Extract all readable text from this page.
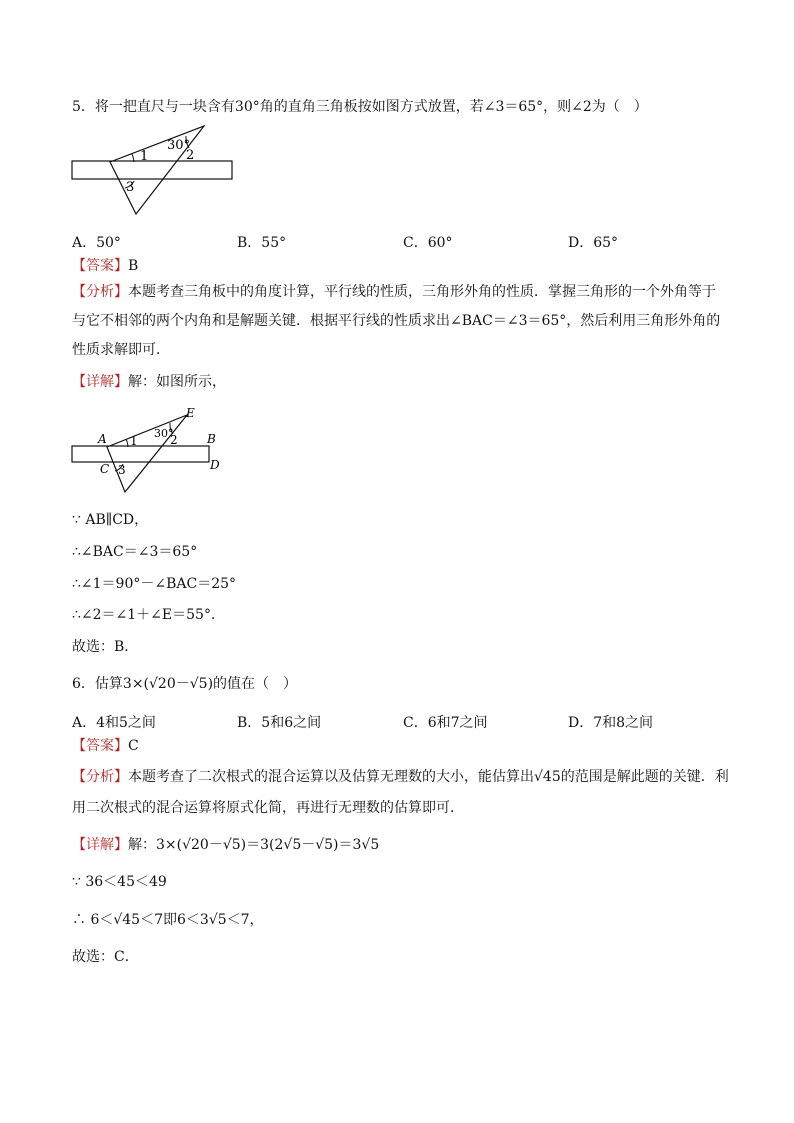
5．将一把直尺与一块含有30°角的直角三角板按如图方式放置，若∠3＝65°，则∠2为（　）
30°
1	2
3
A．50°	B．55°	C．60°	D．65°
【答案】B
【分析】本题考查三角板中的角度计算，平行线的性质，三角形外角的性质．掌握三角形的一个外角等于
与它不相邻的两个内角和是解题关键．根据平行线的性质求出∠BAC＝∠3＝65°，然后利用三角形外角的
性质求解即可．
【详解】解：如图所示，
A	B
C	D
E
30°
1	2
3
∵ AB∥CD，
∴∠BAC＝∠3＝65°
∴∠1＝90°－∠BAC＝25°
∴∠2＝∠1＋∠E＝55°．
故选：B．
6．估算3×(√20－√5)的值在（　）
A．4和5之间	B．5和6之间	C．6和7之间	D．7和8之间
【答案】C
【分析】本题考查了二次根式的混合运算以及估算无理数的大小，能估算出√45的范围是解此题的关键．利
用二次根式的混合运算将原式化简，再进行无理数的估算即可．
【详解】解：3×(√20－√5)＝3(2√5－√5)＝3√5
∵ 36＜45＜49
∴ 6＜√45＜7即6＜3√5＜7，
故选：C．
